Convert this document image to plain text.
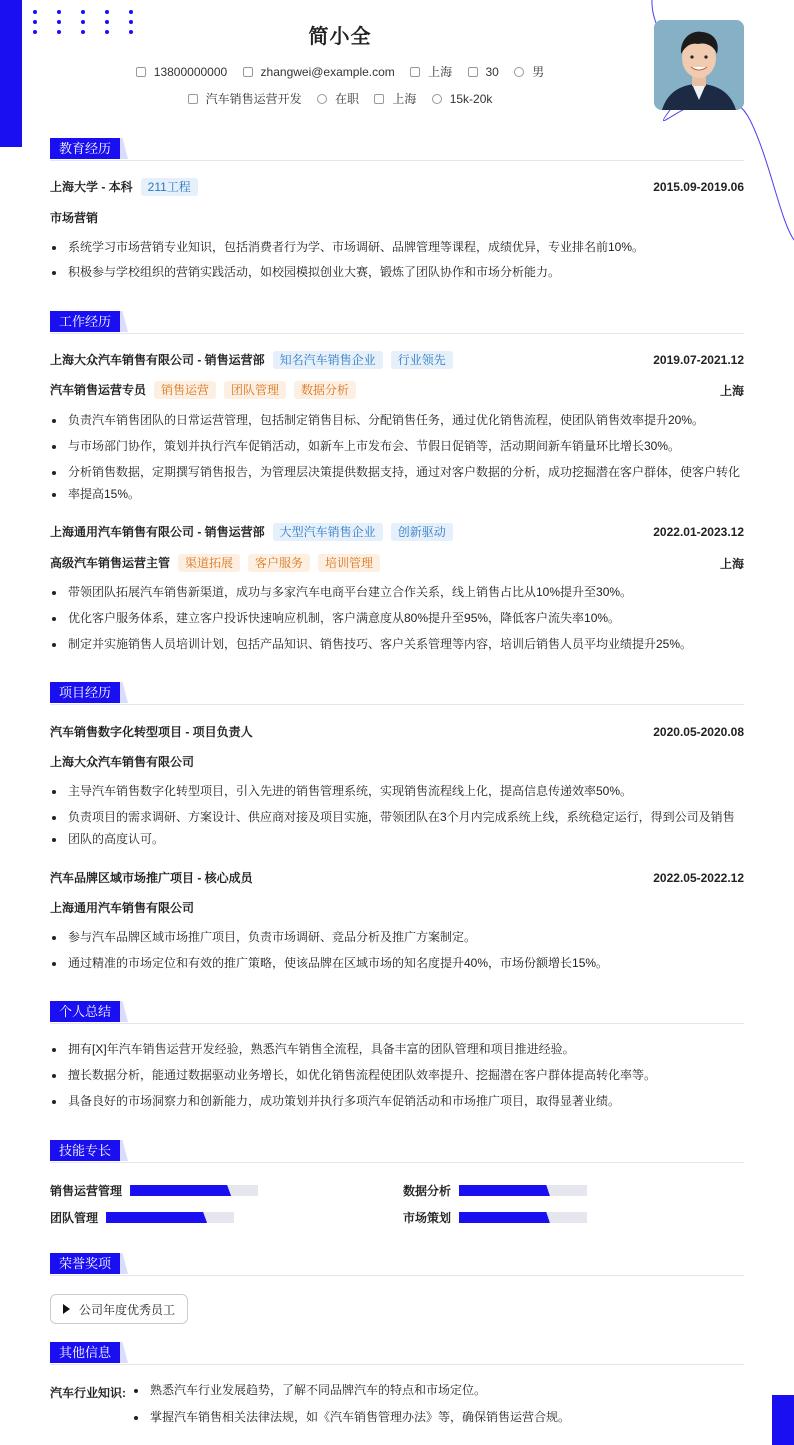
简小全
13800000000
	zhangwei@example.com
	上海
	30
	男
汽车销售运营开发
	在职
	上海
	15k-20k
教育经历
上海大学 - 本科 211工程	2015.09-2019.06
市场营销
系统学习市场营销专业知识，包括消费者行为学、市场调研、品牌管理等课程，成绩优异，专业排名前10%。
积极参与学校组织的营销实践活动，如校园模拟创业大赛，锻炼了团队协作和市场分析能力。
工作经历
上海大众汽车销售有限公司 - 销售运营部 知名汽车销售企业 行业领先	2019.07-2021.12
汽车销售运营专员 销售运营 团队管理 数据分析	上海
负责汽车销售团队的日常运营管理，包括制定销售目标、分配销售任务，通过优化销售流程，使团队销售效率提升20%。
与市场部门协作，策划并执行汽车促销活动，如新车上市发布会、节假日促销等，活动期间新车销量环比增长30%。
分析销售数据，定期撰写销售报告，为管理层决策提供数据支持，通过对客户数据的分析，成功挖掘潜在客户群体，使客户转化
率提高15%。
上海通用汽车销售有限公司 - 销售运营部 大型汽车销售企业 创新驱动	2022.01-2023.12
高级汽车销售运营主管 渠道拓展 客户服务 培训管理	上海
带领团队拓展汽车销售新渠道，成功与多家汽车电商平台建立合作关系，线上销售占比从10%提升至30%。
优化客户服务体系，建立客户投诉快速响应机制，客户满意度从80%提升至95%，降低客户流失率10%。
制定并实施销售人员培训计划，包括产品知识、销售技巧、客户关系管理等内容，培训后销售人员平均业绩提升25%。
项目经历
汽车销售数字化转型项目 - 项目负责人	2020.05-2020.08
上海大众汽车销售有限公司
主导汽车销售数字化转型项目，引入先进的销售管理系统，实现销售流程线上化，提高信息传递效率50%。
负责项目的需求调研、方案设计、供应商对接及项目实施，带领团队在3个月内完成系统上线，系统稳定运行，得到公司及销售
团队的高度认可。
汽车品牌区域市场推广项目 - 核心成员	2022.05-2022.12
上海通用汽车销售有限公司
参与汽车品牌区域市场推广项目，负责市场调研、竞品分析及推广方案制定。
通过精准的市场定位和有效的推广策略，使该品牌在区域市场的知名度提升40%，市场份额增长15%。
个人总结
拥有[X]年汽车销售运营开发经验，熟悉汽车销售全流程，具备丰富的团队管理和项目推进经验。
擅长数据分析，能通过数据驱动业务增长，如优化销售流程使团队效率提升、挖掘潜在客户群体提高转化率等。
具备良好的市场洞察力和创新能力，成功策划并执行多项汽车促销活动和市场推广项目，取得显著业绩。
技能专长
销售运营管理	数据分析
团队管理	市场策划
荣誉奖项
公司年度优秀员工
其他信息
汽车行业知识:	熟悉汽车行业发展趋势，了解不同品牌汽车的特点和市场定位。
掌握汽车销售相关法律法规，如《汽车销售管理办法》等，确保销售运营合规。
